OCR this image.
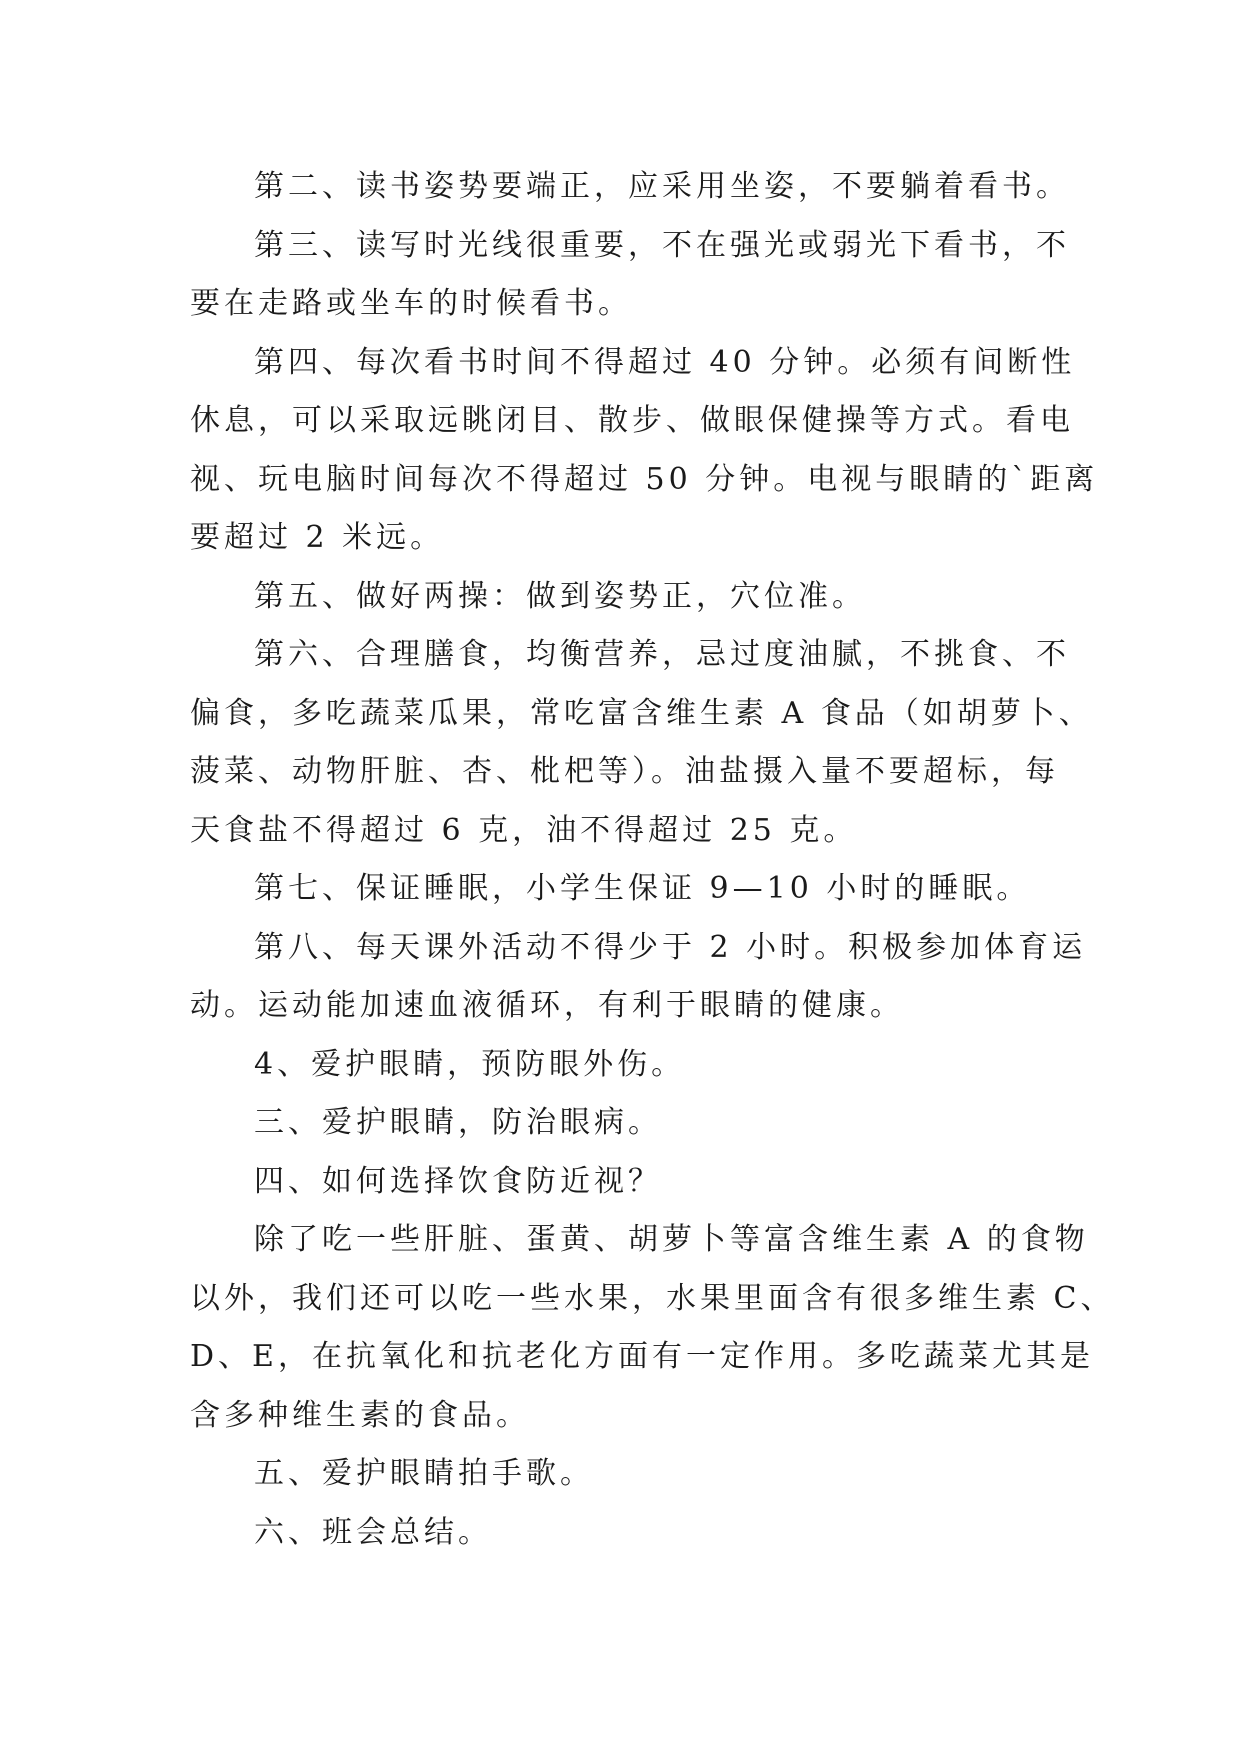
第二、读书姿势要端正，应采用坐姿，不要躺着看书。
第三、读写时光线很重要，不在强光或弱光下看书，不
要在走路或坐车的时候看书。
第四、每次看书时间不得超过 40 分钟。必须有间断性
休息，可以采取远眺闭目、散步、做眼保健操等方式。看电
视、玩电脑时间每次不得超过 50 分钟。电视与眼睛的`距离
要超过 2 米远。
第五、做好两操：做到姿势正，穴位准。
第六、合理膳食，均衡营养，忌过度油腻，不挑食、不
偏食，多吃蔬菜瓜果，常吃富含维生素 A 食品（如胡萝卜、
菠菜、动物肝脏、杏、枇杷等）。油盐摄入量不要超标，每
天食盐不得超过 6 克，油不得超过 25 克。
第七、保证睡眠，小学生保证 9—10 小时的睡眠。
第八、每天课外活动不得少于 2 小时。积极参加体育运
动。运动能加速血液循环，有利于眼睛的健康。
4、爱护眼睛，预防眼外伤。
三、爱护眼睛，防治眼病。
四、如何选择饮食防近视？
除了吃一些肝脏、蛋黄、胡萝卜等富含维生素 A 的食物
以外，我们还可以吃一些水果，水果里面含有很多维生素 C、
D、E，在抗氧化和抗老化方面有一定作用。多吃蔬菜尤其是
含多种维生素的食品。
五、爱护眼睛拍手歌。
六、班会总结。
